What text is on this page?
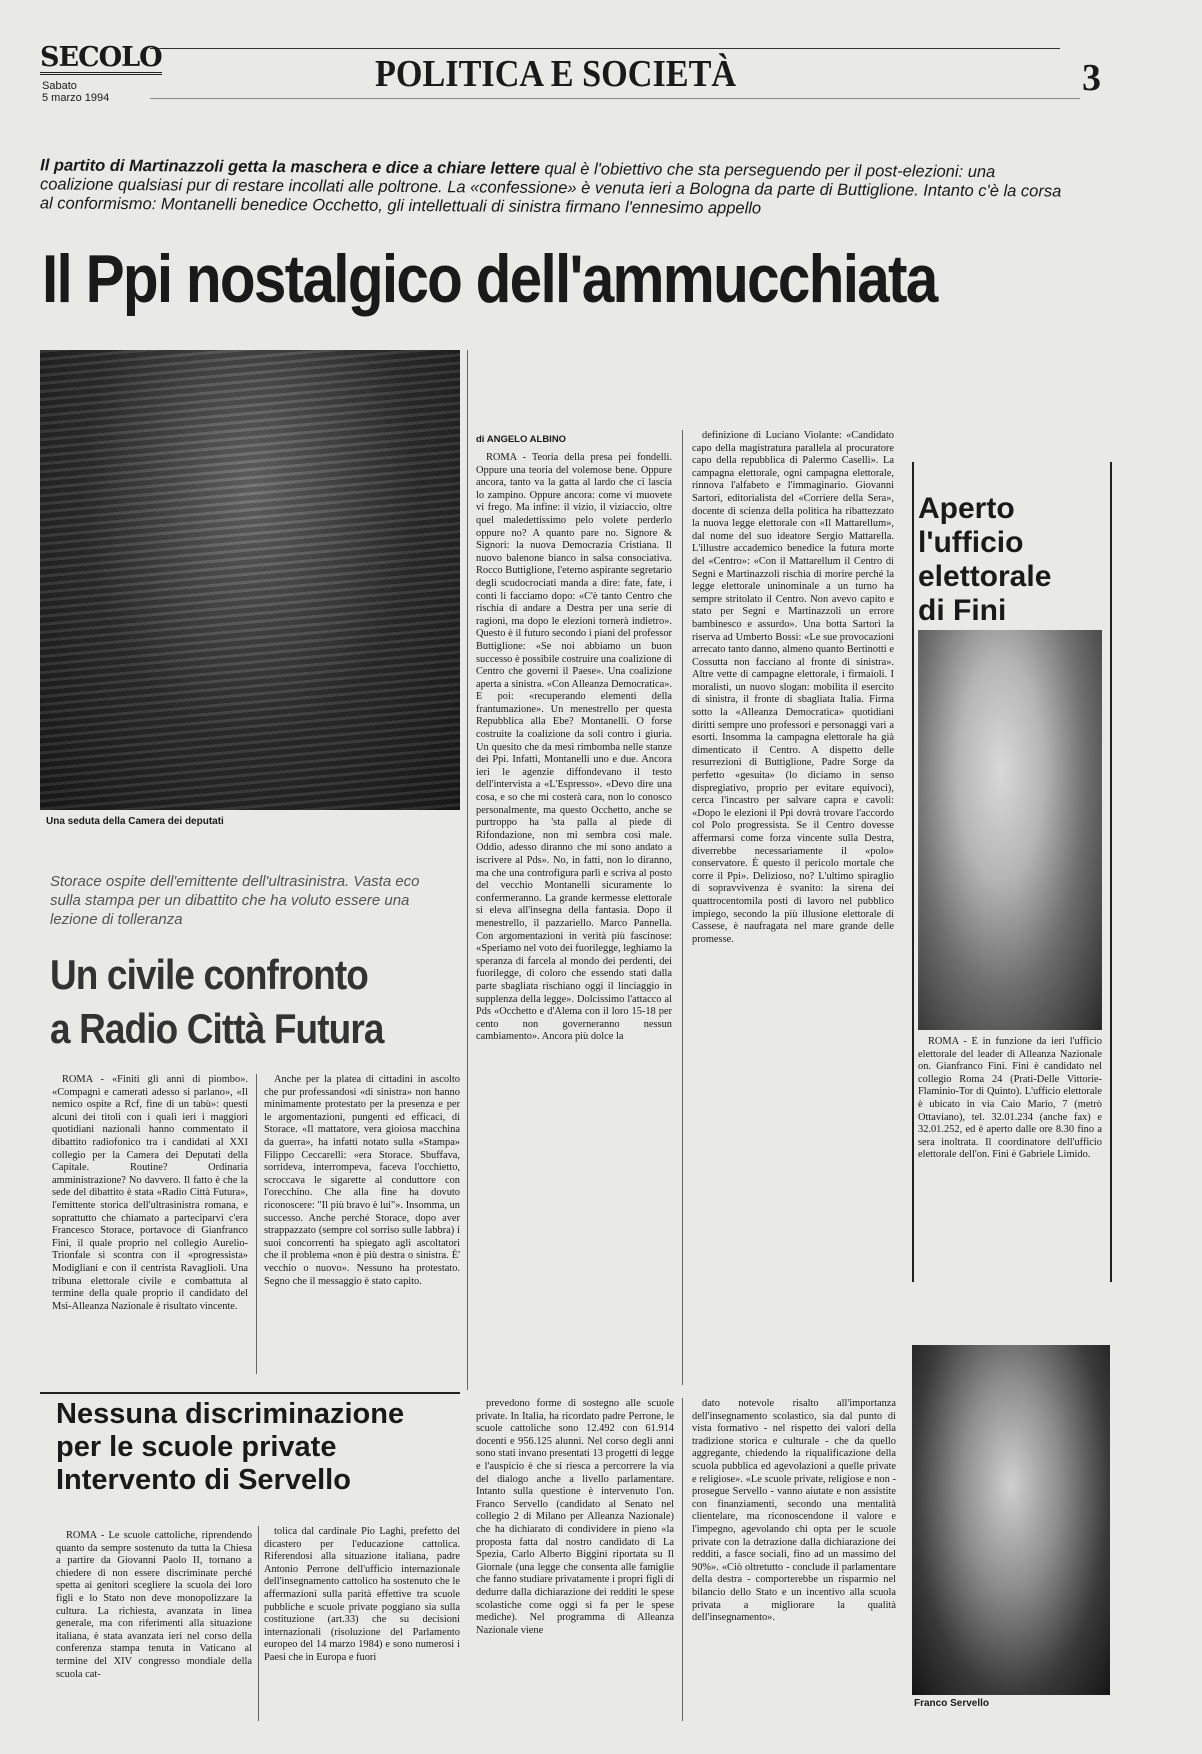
SECOLO
Sabato
5 marzo 1994
POLITICA E SOCIETÀ	3
Il partito di Martinazzoli getta la maschera e dice a chiare lettere qual è l'obiettivo che sta perseguendo per il post-elezioni: una coalizione qualsiasi pur di restare incollati alle poltrone. La «confessione» è venuta ieri a Bologna da parte di Buttiglione. Intanto c'è la corsa al conformismo: Montanelli benedice Occhetto, gli intellettuali di sinistra firmano l'ennesimo appello
Il Ppi nostalgico dell'ammucchiata
Una seduta della Camera dei deputati
di ANGELO ALBINO

ROMA - Teoria della presa pei fondelli. Oppure una teoria del volemose bene. Oppure ancora, tanto va la gatta al lardo che ci lascia lo zampino. Oppure ancora: come vi muovete vi frego. Ma infine: il vizio, il viziaccio, oltre quel maledettissimo pelo volete perderlo oppure no? A quanto pare no. Signore & Signori: la nuova Democrazia Cristiana. Il nuovo balenone bianco in salsa consociativa. Rocco Buttiglione, l'eterno aspirante segretario degli scudocrociati manda a dire: fate, fate, i conti li facciamo dopo: «C'è tanto Centro che rischia di andare a Destra per una serie di ragioni, ma dopo le elezioni tornerà indietro». Questo è il futuro secondo i piani del professor Buttiglione: «Se noi abbiamo un buon successo è possibile costruire una coalizione di Centro che governi il Paese». Una coalizione aperta a sinistra. «Con Alleanza Democratica». E poi: «recuperando elementi della frantumazione». Un menestrello per questa Repubblica alla Ebe? Montanelli. O forse costruite la coalizione da soli contro i giuria. Un quesito che da mesi rimbomba nelle stanze dei Ppi. Infatti, Montanelli uno e due. Ancora ieri le agenzie diffondevano il testo dell'intervista a «L'Espresso». «Devo dire una cosa, e so che mi costerà cara, non lo conosco personalmente, ma questo Occhetto, anche se purtroppo ha 'sta palla al piede di Rifondazione, non mi sembra così male. Oddio, adesso diranno che mi sono andato a iscrivere al Pds». No, in fatti, non lo diranno, ma che una controfigura parli e scriva al posto del vecchio Montanelli sicuramente lo confermeranno. La grande kermesse elettorale si eleva all'insegna della fantasia. Dopo il menestrello, il pazzariello. Marco Pannella. Con argomentazioni in verità più fascinose: «Speriamo nel voto dei fuorilegge, leghiamo la speranza di farcela al mondo dei perdenti, dei fuorilegge, di coloro che essendo stati dalla parte sbagliata rischiano oggi il linciaggio in supplenza della legge». Dolcissimo l'attacco al Pds «Occhetto e d'Alema con il loro 15-18 per cento non governeranno nessun cambiamento». Ancora più dolce la

definizione di Luciano Violante: «Candidato capo della magistratura parallela al procuratore capo della repubblica di Palermo Caselli». La campagna elettorale, ogni campagna elettorale, rinnova l'alfabeto e l'immaginario. Giovanni Sartori, editorialista del «Corriere della Sera», docente di scienza della politica ha ribattezzato la nuova legge elettorale con «Il Mattarellum», dal nome del suo ideatore Sergio Mattarella. L'illustre accademico benedice la futura morte del «Centro»: «Con il Mattarellum il Centro di Segni e Martinazzoli rischia di morire perché la legge elettorale uninominale a un turno ha sempre stritolato il Centro. Non avevo capito e stato per Segni e Martinazzoli un errore bambinesco e assurdo». Una botta Sartori la riserva ad Umberto Bossi: «Le sue provocazioni arrecato tanto danno, almeno quanto Bertinotti e Cossutta non facciano al fronte di sinistra». Altre vette di campagne elettorale, i firmaioli. I moralisti, un nuovo slogan: mobilita il esercito di sinistra, il fronte di sbagliata Italia. Firma sotto la «Alleanza Democratica» quotidiani diritti sempre uno professori e personaggi vari a esorti. Insomma la campagna elettorale ha già dimenticato il Centro. A dispetto delle resurrezioni di Buttiglione, Padre Sorge da perfetto «gesuita» (lo diciamo in senso dispregiativo, proprio per evitare equivoci), cerca l'incastro per salvare capra e cavoli: «Dopo le elezioni il Ppi dovrà trovare l'accordo col Polo progressista. Se il Centro dovesse affermarsi come forza vincente sulla Destra, diverrebbe necessariamente il «polo» conservatore. È questo il pericolo mortale che corre il Ppi». Delizioso, no? L'ultimo spiraglio di sopravvivenza è svanito: la sirena dei quattrocentomila posti di lavoro nel pubblico impiego, secondo la più illusione elettorale di Cassese, è naufragata nel mare grande delle promesse.

Storace ospite dell'emittente dell'ultrasinistra. Vasta eco sulla stampa per un dibattito che ha voluto essere una lezione di tolleranza
Un civile confronto
a Radio Città Futura

ROMA - «Finiti gli anni di piombo». «Compagni e camerati adesso si parlano», «Il nemico ospite a Rcf, fine di un tabù»: questi alcuni dei titoli con i quali ieri i maggiori quotidiani nazionali hanno commentato il dibattito radiofonico tra i candidati al XXI collegio per la Camera dei Deputati della Capitale. Routine? Ordinaria amministrazione? No davvero. Il fatto è che la sede del dibattito è stata «Radio Città Futura», l'emittente storica dell'ultrasinistra romana, e soprattutto che chiamato a parteciparvi c'era Francesco Storace, portavoce di Gianfranco Fini, il quale proprio nel collegio Aurelio-Trionfale si scontra con il «progressista» Modigliani e con il centrista Ravaglioli. Una tribuna elettorale civile e combattuta al termine della quale proprio il candidato del Msi-Alleanza Nazionale è risultato vincente.

Anche per la platea di cittadini in ascolto che pur professandosi «di sinistra» non hanno minimamente protestato per la presenza e per le argomentazioni, pungenti ed efficaci, di Storace. «Il mattatore, vera gioiosa macchina da guerra», ha infatti notato sulla «Stampa» Filippo Ceccarelli: «era Storace. Sbuffava, sorrideva, interrompeva, faceva l'occhietto, scroccava le sigarette al conduttore con l'orecchino. Che alla fine ha dovuto riconoscere: "Il più bravo è lui"». Insomma, un successo. Anche perché Storace, dopo aver strappazzato (sempre col sorriso sulle labbra) i suoi concorrenti ha spiegato agli ascoltatori che il problema «non è più destra o sinistra. È' vecchio o nuovo». Nessuno ha protestato. Segno che il messaggio è stato capito.

Aperto
l'ufficio
elettorale
di Fini

ROMA - È in funzione da ieri l'ufficio elettorale del leader di Alleanza Nazionale on. Gianfranco Fini. Fini è candidato nel collegio Roma 24 (Prati-Delle Vittorie-Flaminio-Tor di Quinto). L'ufficio elettorale è ubicato in via Caio Mario, 7 (metrò Ottaviano), tel. 32.01.234 (anche fax) e 32.01.252, ed è aperto dalle ore 8.30 fino a sera inoltrata. Il coordinatore dell'ufficio elettorale dell'on. Fini è Gabriele Limido.

Franco Servello
Nessuna discriminazione
per le scuole private
Intervento di Servello

ROMA - Le scuole cattoliche, riprendendo quanto da sempre sostenuto da tutta la Chiesa a partire da Giovanni Paolo II, tornano a chiedere di non essere discriminate perché spetta ai genitori scegliere la scuola dei loro figli e lo Stato non deve monopolizzare la cultura. La richiesta, avanzata in linea generale, ma con riferimenti alla situazione italiana, è stata avanzata ieri nel corso della conferenza stampa tenuta in Vaticano al termine del XIV congresso mondiale della scuola cat-

tolica dal cardinale Pio Laghi, prefetto del dicastero per l'educazione cattolica. Riferendosi alla situazione italiana, padre Antonio Perrone dell'ufficio internazionale dell'insegnamento cattolico ha sostenuto che le affermazioni sulla parità effettive tra scuole pubbliche e scuole private poggiano sia sulla costituzione (art.33) che su decisioni internazionali (risoluzione del Parlamento europeo del 14 marzo 1984) e sono numerosi i Paesi che in Europa e fuori

prevedono forme di sostegno alle scuole private. In Italia, ha ricordato padre Perrone, le scuole cattoliche sono 12.492 con 61.914 docenti e 956.125 alunni. Nel corso degli anni sono stati invano presentati 13 progetti di legge e l'auspicio è che si riesca a percorrere la via del dialogo anche a livello parlamentare. Intanto sulla questione è intervenuto l'on. Franco Servello (candidato al Senato nel collegio 2 di Milano per Alleanza Nazionale) che ha dichiarato di condividere in pieno «la proposta fatta dal nostro candidato di La Spezia, Carlo Alberto Biggini riportata su Il Giornale (una legge che consenta alle famiglie che fanno studiare privatamente i propri figli di dedurre dalla dichiarazione dei redditi le spese scolastiche come oggi si fa per le spese mediche). Nel programma di Alleanza Nazionale viene

dato notevole risalto all'importanza dell'insegnamento scolastico, sia dal punto di vista formativo - nel rispetto dei valori della tradizione storica e culturale - che da quello aggregante, chiedendo la riqualificazione della scuola pubblica ed agevolazioni a quelle private e religiose». «Le scuole private, religiose e non - prosegue Servello - vanno aiutate e non assistite con finanziamenti, secondo una mentalità clientelare, ma riconoscendone il valore e l'impegno, agevolando chi opta per le scuole private con la detrazione dalla dichiarazione dei redditi, a fasce sociali, fino ad un massimo del 90%». «Ciò oltretutto - conclude il parlamentare della destra - comporterebbe un risparmio nel bilancio dello Stato e un incentivo alla scuola privata a migliorare la qualità dell'insegnamento».
